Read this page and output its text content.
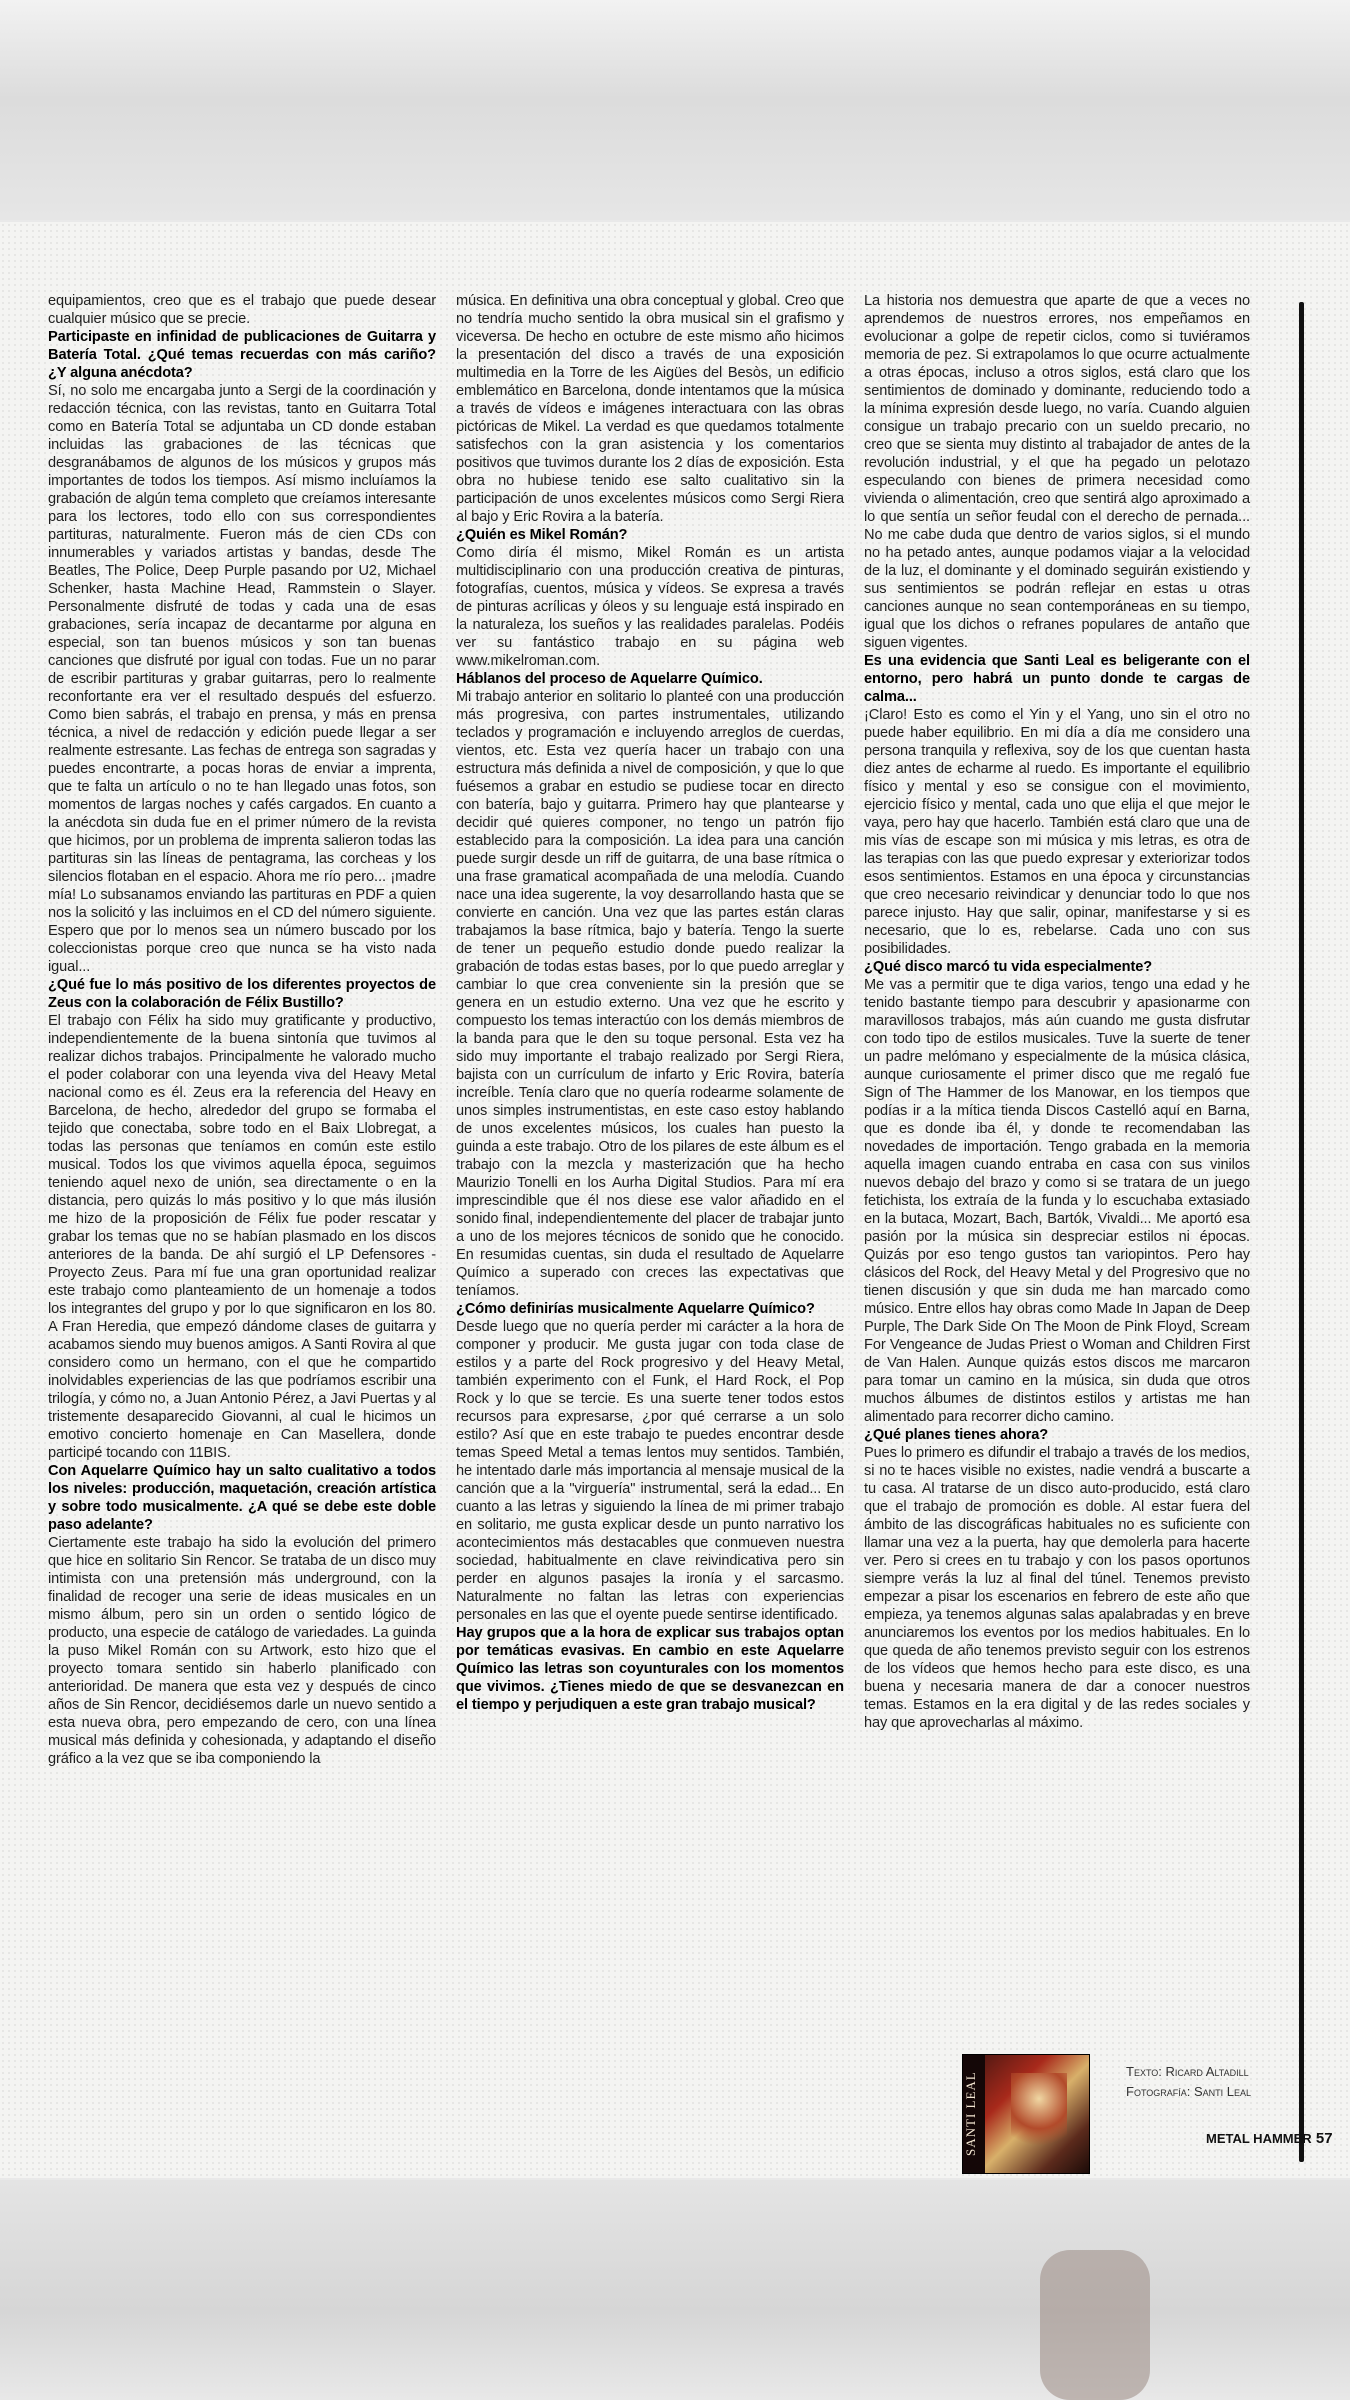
equipamientos, creo que es el trabajo que puede desear cualquier músico que se precie.

Participaste en infinidad de publicaciones de Guitarra y Batería Total. ¿Qué temas recuerdas con más cariño? ¿Y alguna anécdota?

Sí, no solo me encargaba junto a Sergi de la coordinación y redacción técnica, con las revistas, tanto en Guitarra Total como en Batería Total se adjuntaba un CD donde estaban incluidas las grabaciones de las técnicas que desgranábamos de algunos de los músicos y grupos más importantes de todos los tiempos. Así mismo incluíamos la grabación de algún tema completo que creíamos interesante para los lectores, todo ello con sus correspondientes partituras, naturalmente. Fueron más de cien CDs con innumerables y variados artistas y bandas, desde The Beatles, The Police, Deep Purple pasando por U2, Michael Schenker, hasta Machine Head, Rammstein o Slayer. Personalmente disfruté de todas y cada una de esas grabaciones, sería incapaz de decantarme por alguna en especial, son tan buenos músicos y son tan buenas canciones que disfruté por igual con todas. Fue un no parar de escribir partituras y grabar guitarras, pero lo realmente reconfortante era ver el resultado después del esfuerzo. Como bien sabrás, el trabajo en prensa, y más en prensa técnica, a nivel de redacción y edición puede llegar a ser realmente estresante. Las fechas de entrega son sagradas y puedes encontrarte, a pocas horas de enviar a imprenta, que te falta un artículo o no te han llegado unas fotos, son momentos de largas noches y cafés cargados. En cuanto a la anécdota sin duda fue en el primer número de la revista que hicimos, por un problema de imprenta salieron todas las partituras sin las líneas de pentagrama, las corcheas y los silencios flotaban en el espacio. Ahora me río pero... ¡madre mía! Lo subsanamos enviando las partituras en PDF a quien nos la solicitó y las incluimos en el CD del número siguiente. Espero que por lo menos sea un número buscado por los coleccionistas porque creo que nunca se ha visto nada igual...

¿Qué fue lo más positivo de los diferentes proyectos de Zeus con la colaboración de Félix Bustillo?

El trabajo con Félix ha sido muy gratificante y productivo, independientemente de la buena sintonía que tuvimos al realizar dichos trabajos. Principalmente he valorado mucho el poder colaborar con una leyenda viva del Heavy Metal nacional como es él. Zeus era la referencia del Heavy en Barcelona, de hecho, alrededor del grupo se formaba el tejido que conectaba, sobre todo en el Baix Llobregat, a todas las personas que teníamos en común este estilo musical. Todos los que vivimos aquella época, seguimos teniendo aquel nexo de unión, sea directamente o en la distancia, pero quizás lo más positivo y lo que más ilusión me hizo de la proposición de Félix fue poder rescatar y grabar los temas que no se habían plasmado en los discos anteriores de la banda. De ahí surgió el LP Defensores - Proyecto Zeus. Para mí fue una gran oportunidad realizar este trabajo como planteamiento de un homenaje a todos los integrantes del grupo y por lo que significaron en los 80. A Fran Heredia, que empezó dándome clases de guitarra y acabamos siendo muy buenos amigos. A Santi Rovira al que considero como un hermano, con el que he compartido inolvidables experiencias de las que podríamos escribir una trilogía, y cómo no, a Juan Antonio Pérez, a Javi Puertas y al tristemente desaparecido Giovanni, al cual le hicimos un emotivo concierto homenaje en Can Masellera, donde participé tocando con 11BIS.

Con Aquelarre Químico hay un salto cualitativo a todos los niveles: producción, maquetación, creación artística y sobre todo musicalmente. ¿A qué se debe este doble paso adelante?

Ciertamente este trabajo ha sido la evolución del primero que hice en solitario Sin Rencor. Se trataba de un disco muy intimista con una pretensión más underground, con la finalidad de recoger una serie de ideas musicales en un mismo álbum, pero sin un orden o sentido lógico de producto, una especie de catálogo de variedades. La guinda la puso Mikel Román con su Artwork, esto hizo que el proyecto tomara sentido sin haberlo planificado con anterioridad. De manera que esta vez y después de cinco años de Sin Rencor, decidiésemos darle un nuevo sentido a esta nueva obra, pero empezando de cero, con una línea musical más definida y cohesionada, y adaptando el diseño gráfico a la vez que se iba componiendo la

música. En definitiva una obra conceptual y global. Creo que no tendría mucho sentido la obra musical sin el grafismo y viceversa. De hecho en octubre de este mismo año hicimos la presentación del disco a través de una exposición multimedia en la Torre de les Aigües del Besòs, un edificio emblemático en Barcelona, donde intentamos que la música a través de vídeos e imágenes interactuara con las obras pictóricas de Mikel. La verdad es que quedamos totalmente satisfechos con la gran asistencia y los comentarios positivos que tuvimos durante los 2 días de exposición. Esta obra no hubiese tenido ese salto cualitativo sin la participación de unos excelentes músicos como Sergi Riera al bajo y Eric Rovira a la batería.

¿Quién es Mikel Román?

Como diría él mismo, Mikel Román es un artista multidisciplinario con una producción creativa de pinturas, fotografías, cuentos, música y vídeos. Se expresa a través de pinturas acrílicas y óleos y su lenguaje está inspirado en la naturaleza, los sueños y las realidades paralelas. Podéis ver su fantástico trabajo en su página web www.mikelroman.com.

Háblanos del proceso de Aquelarre Químico.

Mi trabajo anterior en solitario lo planteé con una producción más progresiva, con partes instrumentales, utilizando teclados y programación e incluyendo arreglos de cuerdas, vientos, etc. Esta vez quería hacer un trabajo con una estructura más definida a nivel de composición, y que lo que fuésemos a grabar en estudio se pudiese tocar en directo con batería, bajo y guitarra. Primero hay que plantearse y decidir qué quieres componer, no tengo un patrón fijo establecido para la composición. La idea para una canción puede surgir desde un riff de guitarra, de una base rítmica o una frase gramatical acompañada de una melodía. Cuando nace una idea sugerente, la voy desarrollando hasta que se convierte en canción. Una vez que las partes están claras trabajamos la base rítmica, bajo y batería. Tengo la suerte de tener un pequeño estudio donde puedo realizar la grabación de todas estas bases, por lo que puedo arreglar y cambiar lo que crea conveniente sin la presión que se genera en un estudio externo. Una vez que he escrito y compuesto los temas interactúo con los demás miembros de la banda para que le den su toque personal. Esta vez ha sido muy importante el trabajo realizado por Sergi Riera, bajista con un currículum de infarto y Eric Rovira, batería increíble. Tenía claro que no quería rodearme solamente de unos simples instrumentistas, en este caso estoy hablando de unos excelentes músicos, los cuales han puesto la guinda a este trabajo. Otro de los pilares de este álbum es el trabajo con la mezcla y masterización que ha hecho Maurizio Tonelli en los Aurha Digital Studios. Para mí era imprescindible que él nos diese ese valor añadido en el sonido final, independientemente del placer de trabajar junto a uno de los mejores técnicos de sonido que he conocido. En resumidas cuentas, sin duda el resultado de Aquelarre Químico a superado con creces las expectativas que teníamos.

¿Cómo definirías musicalmente Aquelarre Químico?

Desde luego que no quería perder mi carácter a la hora de componer y producir. Me gusta jugar con toda clase de estilos y a parte del Rock progresivo y del Heavy Metal, también experimento con el Funk, el Hard Rock, el Pop Rock y lo que se tercie. Es una suerte tener todos estos recursos para expresarse, ¿por qué cerrarse a un solo estilo? Así que en este trabajo te puedes encontrar desde temas Speed Metal a temas lentos muy sentidos. También, he intentado darle más importancia al mensaje musical de la canción que a la "virguería" instrumental, será la edad... En cuanto a las letras y siguiendo la línea de mi primer trabajo en solitario, me gusta explicar desde un punto narrativo los acontecimientos más destacables que conmueven nuestra sociedad, habitualmente en clave reivindicativa pero sin perder en algunos pasajes la ironía y el sarcasmo. Naturalmente no faltan las letras con experiencias personales en las que el oyente puede sentirse identificado.

Hay grupos que a la hora de explicar sus trabajos optan por temáticas evasivas. En cambio en este Aquelarre Químico las letras son coyunturales con los momentos que vivimos. ¿Tienes miedo de que se desvanezcan en el tiempo y perjudiquen a este gran trabajo musical?

La historia nos demuestra que aparte de que a veces no aprendemos de nuestros errores, nos empeñamos en evolucionar a golpe de repetir ciclos, como si tuviéramos memoria de pez. Si extrapolamos lo que ocurre actualmente a otras épocas, incluso a otros siglos, está claro que los sentimientos de dominado y dominante, reduciendo todo a la mínima expresión desde luego, no varía. Cuando alguien consigue un trabajo precario con un sueldo precario, no creo que se sienta muy distinto al trabajador de antes de la revolución industrial, y el que ha pegado un pelotazo especulando con bienes de primera necesidad como vivienda o alimentación, creo que sentirá algo aproximado a lo que sentía un señor feudal con el derecho de pernada... No me cabe duda que dentro de varios siglos, si el mundo no ha petado antes, aunque podamos viajar a la velocidad de la luz, el dominante y el dominado seguirán existiendo y sus sentimientos se podrán reflejar en estas u otras canciones aunque no sean contemporáneas en su tiempo, igual que los dichos o refranes populares de antaño que siguen vigentes.

Es una evidencia que Santi Leal es beligerante con el entorno, pero habrá un punto donde te cargas de calma...

¡Claro! Esto es como el Yin y el Yang, uno sin el otro no puede haber equilibrio. En mi día a día me considero una persona tranquila y reflexiva, soy de los que cuentan hasta diez antes de echarme al ruedo. Es importante el equilibrio físico y mental y eso se consigue con el movimiento, ejercicio físico y mental, cada uno que elija el que mejor le vaya, pero hay que hacerlo. También está claro que una de mis vías de escape son mi música y mis letras, es otra de las terapias con las que puedo expresar y exteriorizar todos esos sentimientos. Estamos en una época y circunstancias que creo necesario reivindicar y denunciar todo lo que nos parece injusto. Hay que salir, opinar, manifestarse y si es necesario, que lo es, rebelarse. Cada uno con sus posibilidades.

¿Qué disco marcó tu vida especialmente?

Me vas a permitir que te diga varios, tengo una edad y he tenido bastante tiempo para descubrir y apasionarme con maravillosos trabajos, más aún cuando me gusta disfrutar con todo tipo de estilos musicales. Tuve la suerte de tener un padre melómano y especialmente de la música clásica, aunque curiosamente el primer disco que me regaló fue Sign of The Hammer de los Manowar, en los tiempos que podías ir a la mítica tienda Discos Castelló aquí en Barna, que es donde iba él, y donde te recomendaban las novedades de importación. Tengo grabada en la memoria aquella imagen cuando entraba en casa con sus vinilos nuevos debajo del brazo y como si se tratara de un juego fetichista, los extraía de la funda y lo escuchaba extasiado en la butaca, Mozart, Bach, Bartók, Vivaldi... Me aportó esa pasión por la música sin despreciar estilos ni épocas. Quizás por eso tengo gustos tan variopintos. Pero hay clásicos del Rock, del Heavy Metal y del Progresivo que no tienen discusión y que sin duda me han marcado como músico. Entre ellos hay obras como Made In Japan de Deep Purple, The Dark Side On The Moon de Pink Floyd, Scream For Vengeance de Judas Priest o Woman and Children First de Van Halen. Aunque quizás estos discos me marcaron para tomar un camino en la música, sin duda que otros muchos álbumes de distintos estilos y artistas me han alimentado para recorrer dicho camino.

¿Qué planes tienes ahora?

Pues lo primero es difundir el trabajo a través de los medios, si no te haces visible no existes, nadie vendrá a buscarte a tu casa. Al tratarse de un disco auto-producido, está claro que el trabajo de promoción es doble. Al estar fuera del ámbito de las discográficas habituales no es suficiente con llamar una vez a la puerta, hay que demolerla para hacerte ver. Pero si crees en tu trabajo y con los pasos oportunos siempre verás la luz al final del túnel. Tenemos previsto empezar a pisar los escenarios en febrero de este año que empieza, ya tenemos algunas salas apalabradas y en breve anunciaremos los eventos por los medios habituales. En lo que queda de año tenemos previsto seguir con los estrenos de los vídeos que hemos hecho para este disco, es una buena y necesaria manera de dar a conocer nuestros temas. Estamos en la era digital y de las redes sociales y hay que aprovecharlas al máximo.

SANTI LEAL
Texto: Ricard Altadill
Fotografía: Santi Leal
METAL HAMMER 57
